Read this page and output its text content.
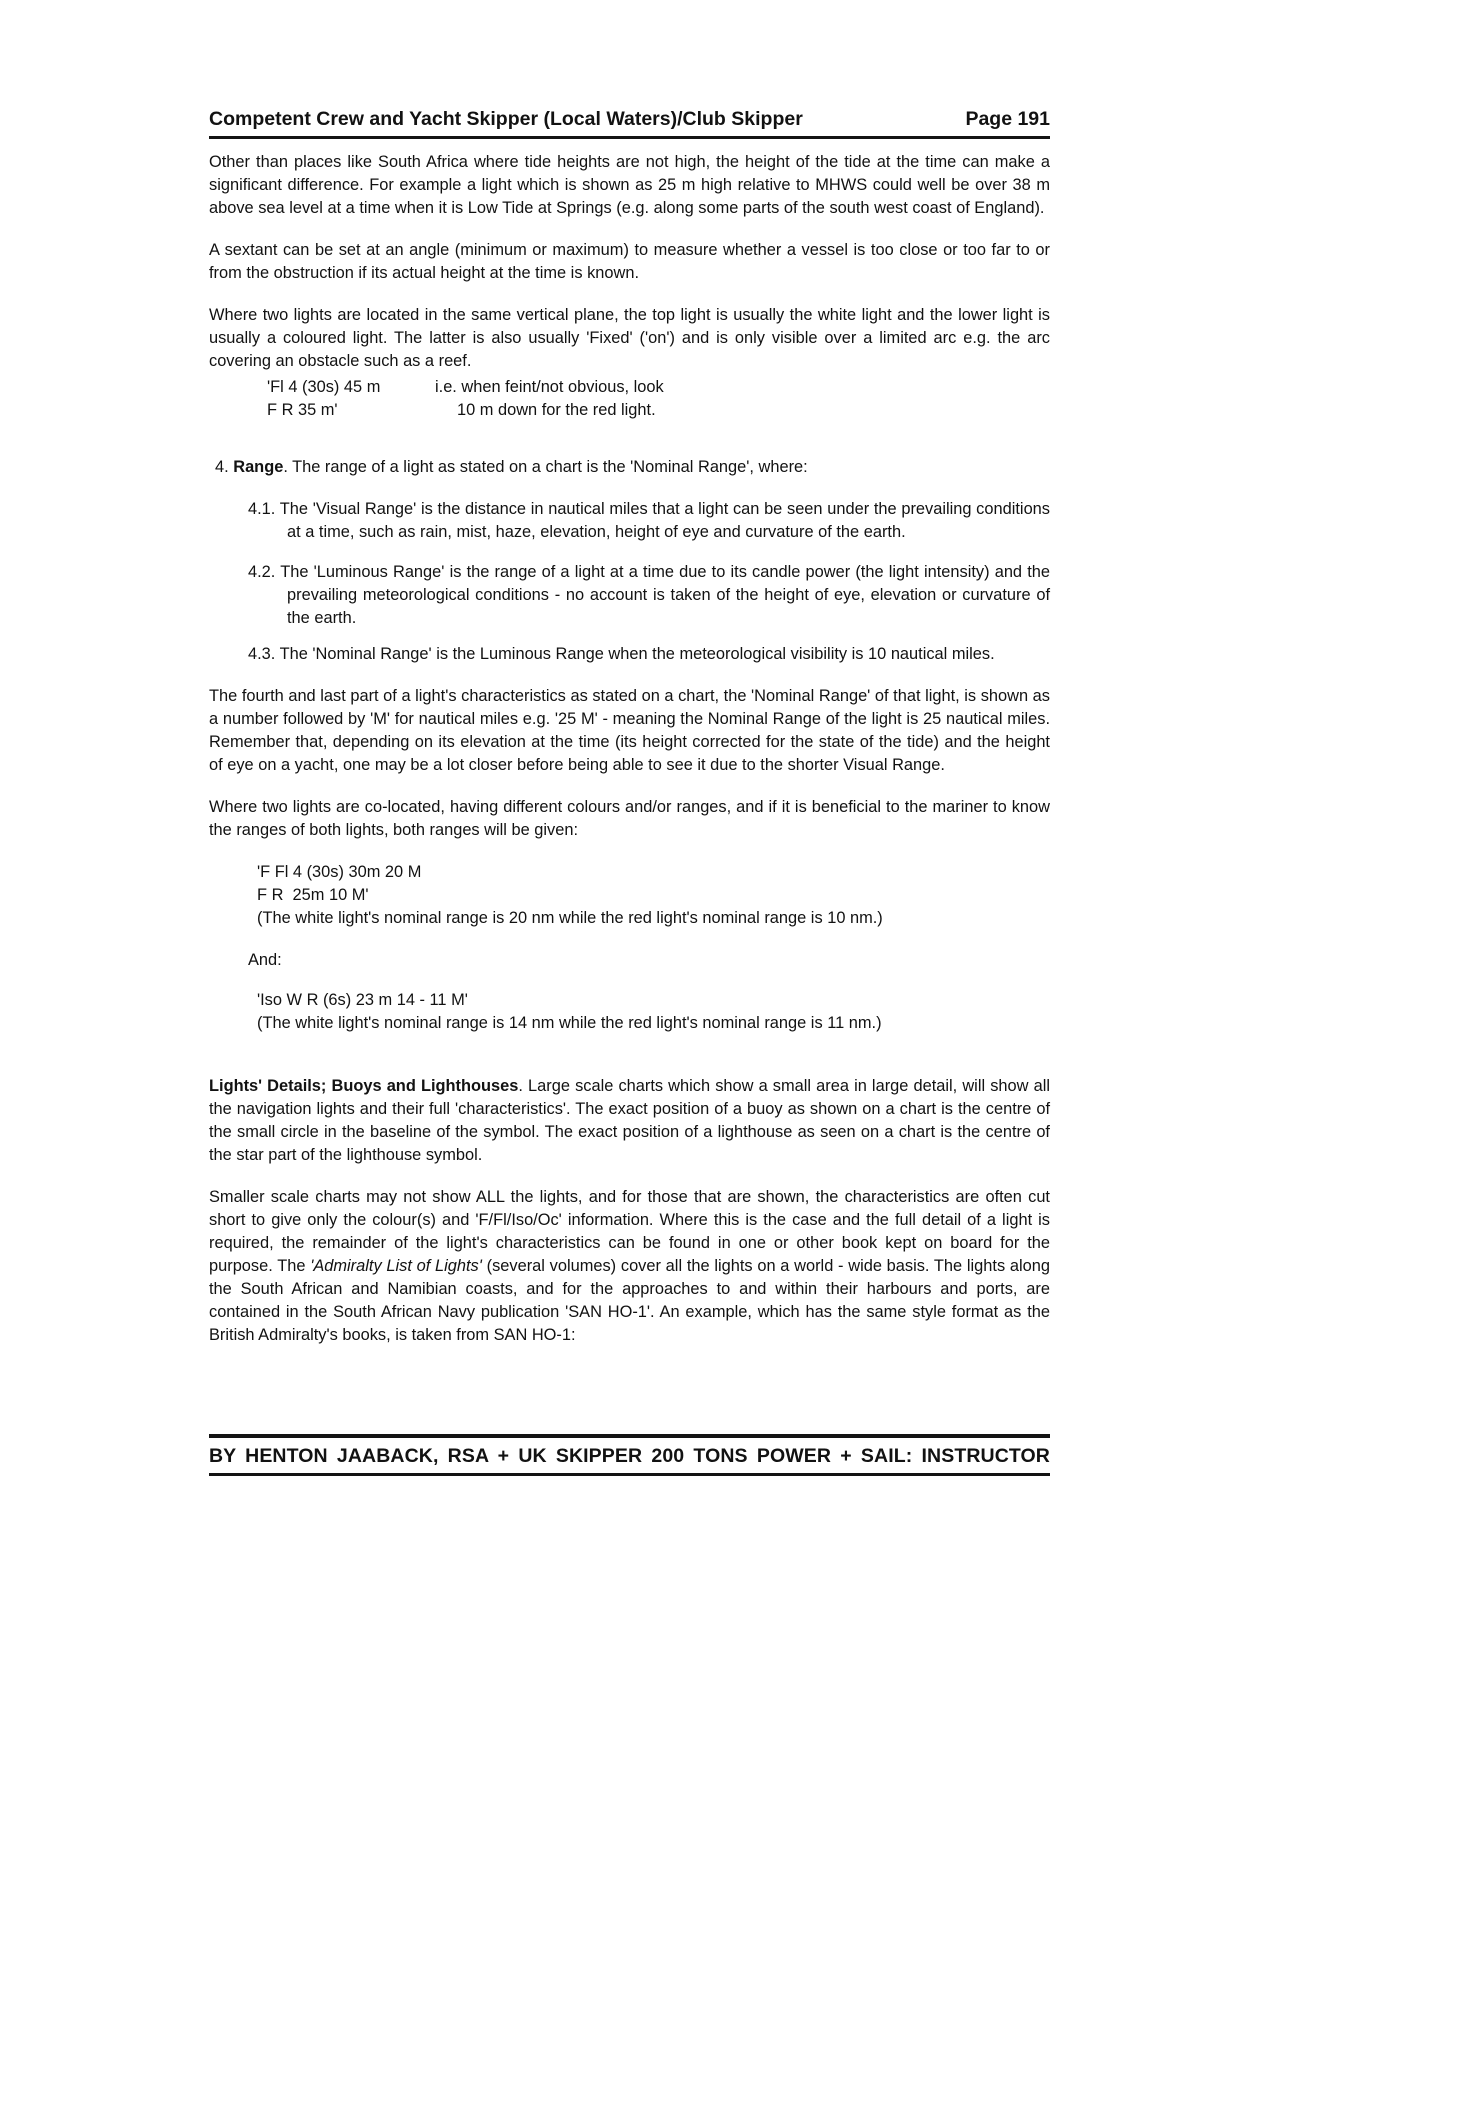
Competent Crew and Yacht Skipper (Local Waters)/Club Skipper	Page 191

Other than places like South Africa where tide heights are not high, the height of the tide at the time can make a significant difference. For example a light which is shown as 25 m high relative to MHWS could well be over 38 m above sea level at a time when it is Low Tide at Springs (e.g. along some parts of the south west coast of England).

A sextant can be set at an angle (minimum or maximum) to measure whether a vessel is too close or too far to or from the obstruction if its actual height at the time is known.

Where two lights are located in the same vertical plane, the top light is usually the white light and the lower light is usually a coloured light. The latter is also usually 'Fixed' ('on') and is only visible over a limited arc e.g. the arc covering an obstacle such as a reef.

'Fl 4 (30s) 45 m	i.e. when feint/not obvious, look
F R 35 m'	10 m down for the red light.
4. Range. The range of a light as stated on a chart is the 'Nominal Range', where:
4.1. The 'Visual Range' is the distance in nautical miles that a light can be seen under the prevailing conditions at a time, such as rain, mist, haze, elevation, height of eye and curvature of the earth.
4.2. The 'Luminous Range' is the range of a light at a time due to its candle power (the light intensity) and the prevailing meteorological conditions - no account is taken of the height of eye, elevation or curvature of the earth.
4.3. The 'Nominal Range' is the Luminous Range when the meteorological visibility is 10 nautical miles.

The fourth and last part of a light's characteristics as stated on a chart, the 'Nominal Range' of that light, is shown as a number followed by 'M' for nautical miles e.g. '25 M' - meaning the Nominal Range of the light is 25 nautical miles. Remember that, depending on its elevation at the time (its height corrected for the state of the tide) and the height of eye on a yacht, one may be a lot closer before being able to see it due to the shorter Visual Range.

Where two lights are co-located, having different colours and/or ranges, and if it is beneficial to the mariner to know the ranges of both lights, both ranges will be given:

'F Fl 4 (30s) 30m 20 M
F R  25m 10 M'
(The white light's nominal range is 20 nm while the red light's nominal range is 10 nm.)
And:
'Iso W R (6s) 23 m 14 - 11 M'
(The white light's nominal range is 14 nm while the red light's nominal range is 11 nm.)

Lights' Details; Buoys and Lighthouses. Large scale charts which show a small area in large detail, will show all the navigation lights and their full 'characteristics'. The exact position of a buoy as shown on a chart is the centre of the small circle in the baseline of the symbol. The exact position of a lighthouse as seen on a chart is the centre of the star part of the lighthouse symbol.

Smaller scale charts may not show ALL the lights, and for those that are shown, the characteristics are often cut short to give only the colour(s) and 'F/Fl/Iso/Oc' information. Where this is the case and the full detail of a light is required, the remainder of the light's characteristics can be found in one or other book kept on board for the purpose. The 'Admiralty List of Lights' (several volumes) cover all the lights on a world - wide basis. The lights along the South African and Namibian coasts, and for the approaches to and within their harbours and ports, are contained in the South African Navy publication 'SAN HO-1'. An example, which has the same style format as the British Admiralty's books, is taken from SAN HO-1:

BY HENTON JAABACK, RSA + UK SKIPPER 200 TONS POWER + SAIL: INSTRUCTOR
